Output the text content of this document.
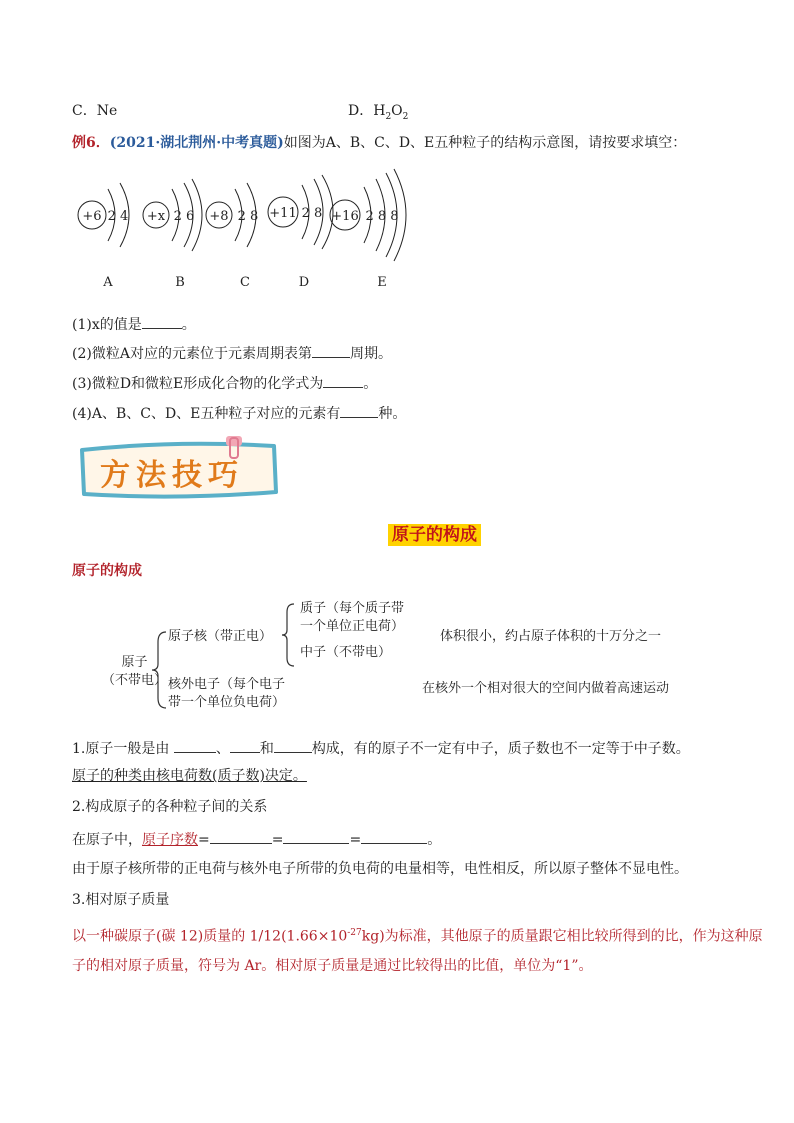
C．Ne	D．$H_2O_2$
例6．(2021·湖北荆州·中考真题)如图为A、B、C、D、E五种粒子的结构示意图，请按要求填空：
+6 2 4 +x 2 6 +8 2 8 +11 2 8 +16 2 8 8
A	B	C	D	E
(1)x的值是	。
(2)微粒A对应的元素位于元素周期表第	周期。
(3)微粒D和微粒E形成化合物的化学式为	。
(4)A、B、C、D、E五种粒子对应的元素有	种。
方法技巧
原子的构成
原子的构成
原子
（不带电）
原子核（带正电）
质子（每个质子带
一个单位正电荷）
中子（不带电）
体积很小，约占原子体积的十万分之一
核外电子（每个电子
带一个单位负电荷）
在核外一个相对很大的空间内做着高速运动
1.原子一般是由	、 和	构成，有的原子不一定有中子，质子数也不一定等于中子数。
原子的种类由核电荷数(质子数)决定。
2.构成原子的各种粒子间的关系
在原子中，原子序数=	=	=	。
由于原子核所带的正电荷与核外电子所带的负电荷的电量相等，电性相反，所以原子整体不显电性。
3.相对原子质量
以一种碳原子(碳 12)质量的 $1/12(1.66\times 10^{-27}kg)$为标准，其他原子的质量跟它相比较所得到的比，作为这种原
子的相对原子质量，符号为 Ar。相对原子质量是通过比较得出的比值，单位为“1”。
